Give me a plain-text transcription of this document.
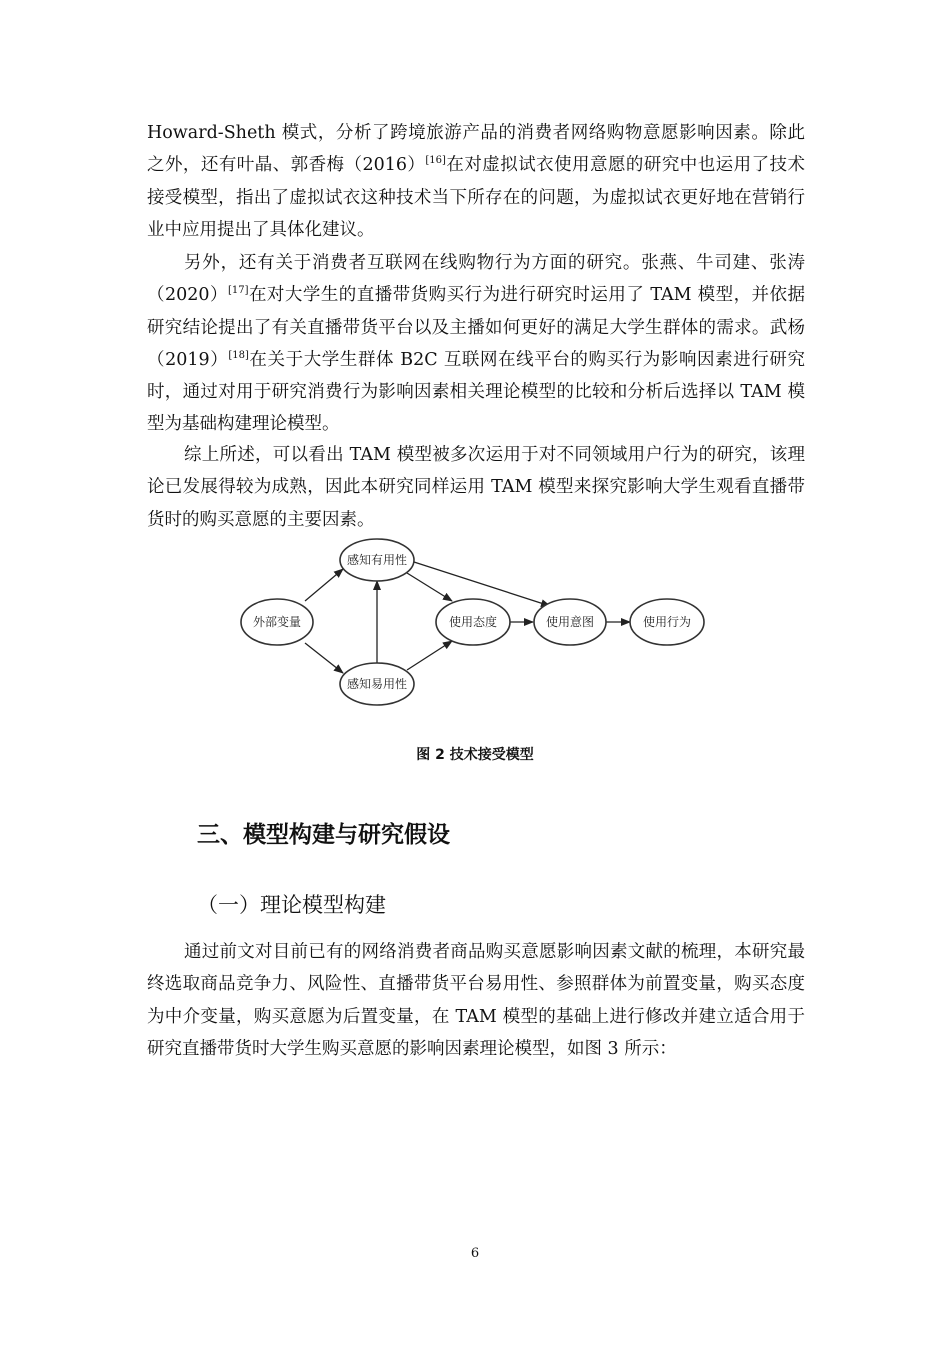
Howard-Sheth 模式，分析了跨境旅游产品的消费者网络购物意愿影响因素。除此之外，还有叶晶、郭香梅（2016）[16]在对虚拟试衣使用意愿的研究中也运用了技术接受模型，指出了虚拟试衣这种技术当下所存在的问题，为虚拟试衣更好地在营销行业中应用提出了具体化建议。

另外，还有关于消费者互联网在线购物行为方面的研究。张燕、牛司建、张涛（2020）[17]在对大学生的直播带货购买行为进行研究时运用了 TAM 模型，并依据研究结论提出了有关直播带货平台以及主播如何更好的满足大学生群体的需求。武杨（2019）[18]在关于大学生群体 B2C 互联网在线平台的购买行为影响因素进行研究时，通过对用于研究消费行为影响因素相关理论模型的比较和分析后选择以 TAM 模型为基础构建理论模型。

综上所述，可以看出 TAM 模型被多次运用于对不同领域用户行为的研究，该理论已发展得较为成熟，因此本研究同样运用 TAM 模型来探究影响大学生观看直播带货时的购买意愿的主要因素。

外部变量
感知有用性
感知易用性
使用态度	使用意图	使用行为
图 2 技术接受模型
三、模型构建与研究假设
（一）理论模型构建

通过前文对目前已有的网络消费者商品购买意愿影响因素文献的梳理，本研究最终选取商品竞争力、风险性、直播带货平台易用性、参照群体为前置变量，购买态度为中介变量，购买意愿为后置变量，在 TAM 模型的基础上进行修改并建立适合用于研究直播带货时大学生购买意愿的影响因素理论模型，如图 3 所示：

6
